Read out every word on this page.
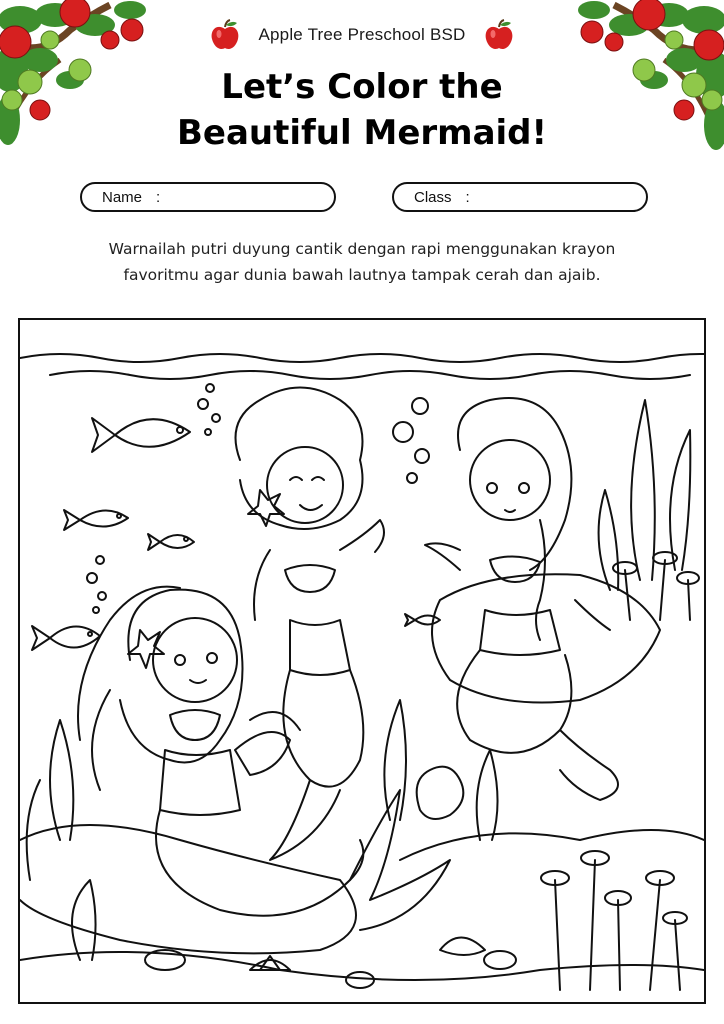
Apple Tree Preschool BSD
Let’s Color the
Beautiful Mermaid!
Name :	Class :
Warnailah putri duyung cantik dengan rapi menggunakan krayon
favoritmu agar dunia bawah lautnya tampak cerah dan ajaib.
